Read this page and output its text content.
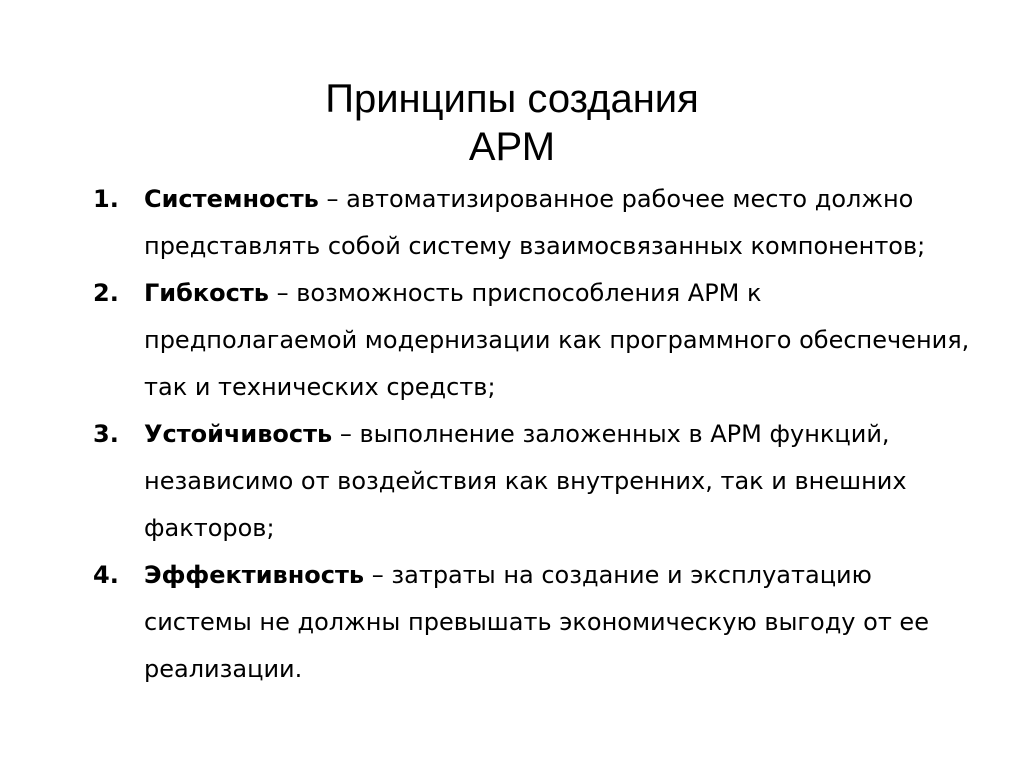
Принципы создания
АРМ
1. Системность – автоматизированное рабочее место должно представлять собой систему взаимосвязанных компонентов;
2. Гибкость – возможность приспособления АРМ к предполагаемой модернизации как программного обеспечения, так и технических средств;
3. Устойчивость – выполнение заложенных в АРМ функций, независимо от воздействия как внутренних, так и внешних факторов;
4. Эффективность – затраты на создание и эксплуатацию системы не должны превышать экономическую выгоду от ее реализации.
